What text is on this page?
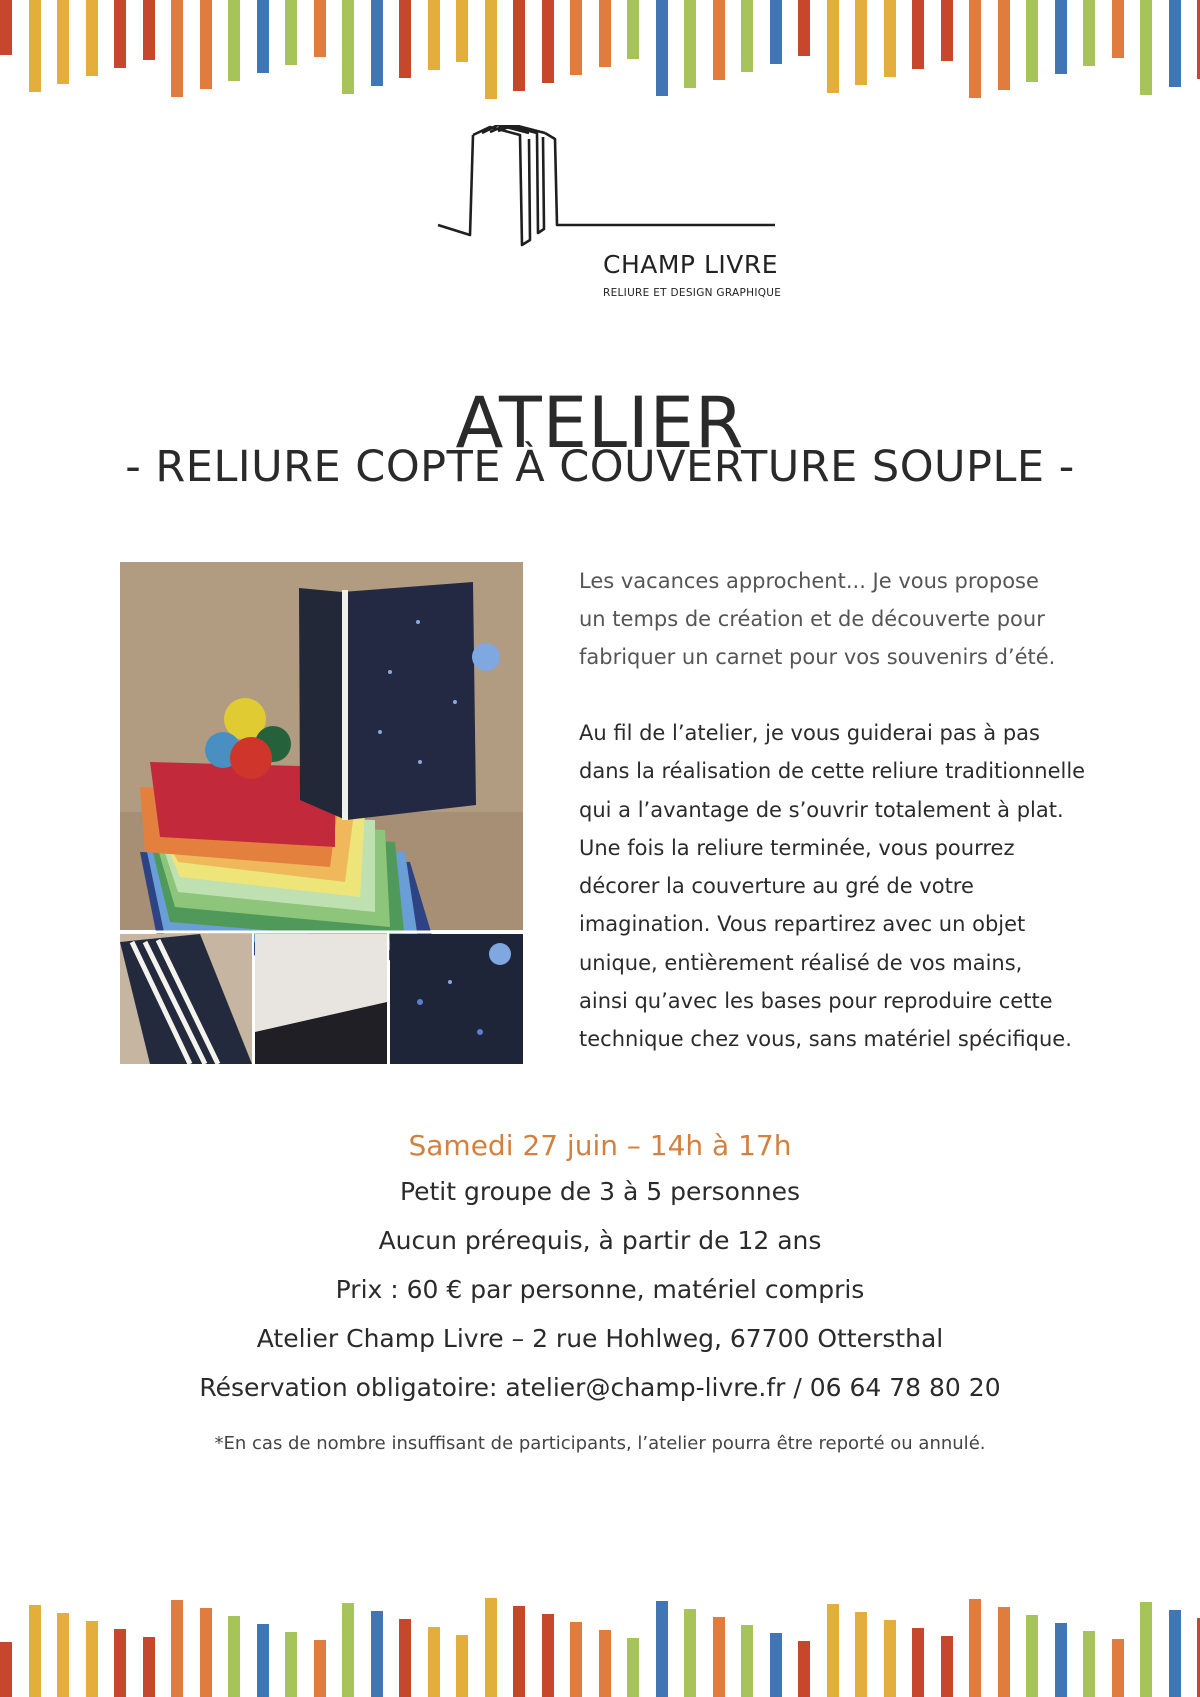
CHAMP LIVRE
RELIURE ET DESIGN GRAPHIQUE
ATELIER
- RELIURE COPTE À COUVERTURE SOUPLE -
Les vacances approchent... Je vous propose
un temps de création et de découverte pour
fabriquer un carnet pour vos souvenirs d’été.
Au fil de l’atelier, je vous guiderai pas à pas
dans la réalisation de cette reliure traditionnelle
qui a l’avantage de s’ouvrir totalement à plat.
Une fois la reliure terminée, vous pourrez
décorer la couverture au gré de votre
imagination. Vous repartirez avec un objet
unique, entièrement réalisé de vos mains,
ainsi qu’avec les bases pour reproduire cette
technique chez vous, sans matériel spécifique.
Samedi 27 juin – 14h à 17h
Petit groupe de 3 à 5 personnes
Aucun prérequis, à partir de 12 ans
Prix : 60 € par personne, matériel compris
Atelier Champ Livre – 2 rue Hohlweg, 67700 Ottersthal
Réservation obligatoire: atelier@champ-livre.fr / 06 64 78 80 20
*En cas de nombre insuffisant de participants, l’atelier pourra être reporté ou annulé.
